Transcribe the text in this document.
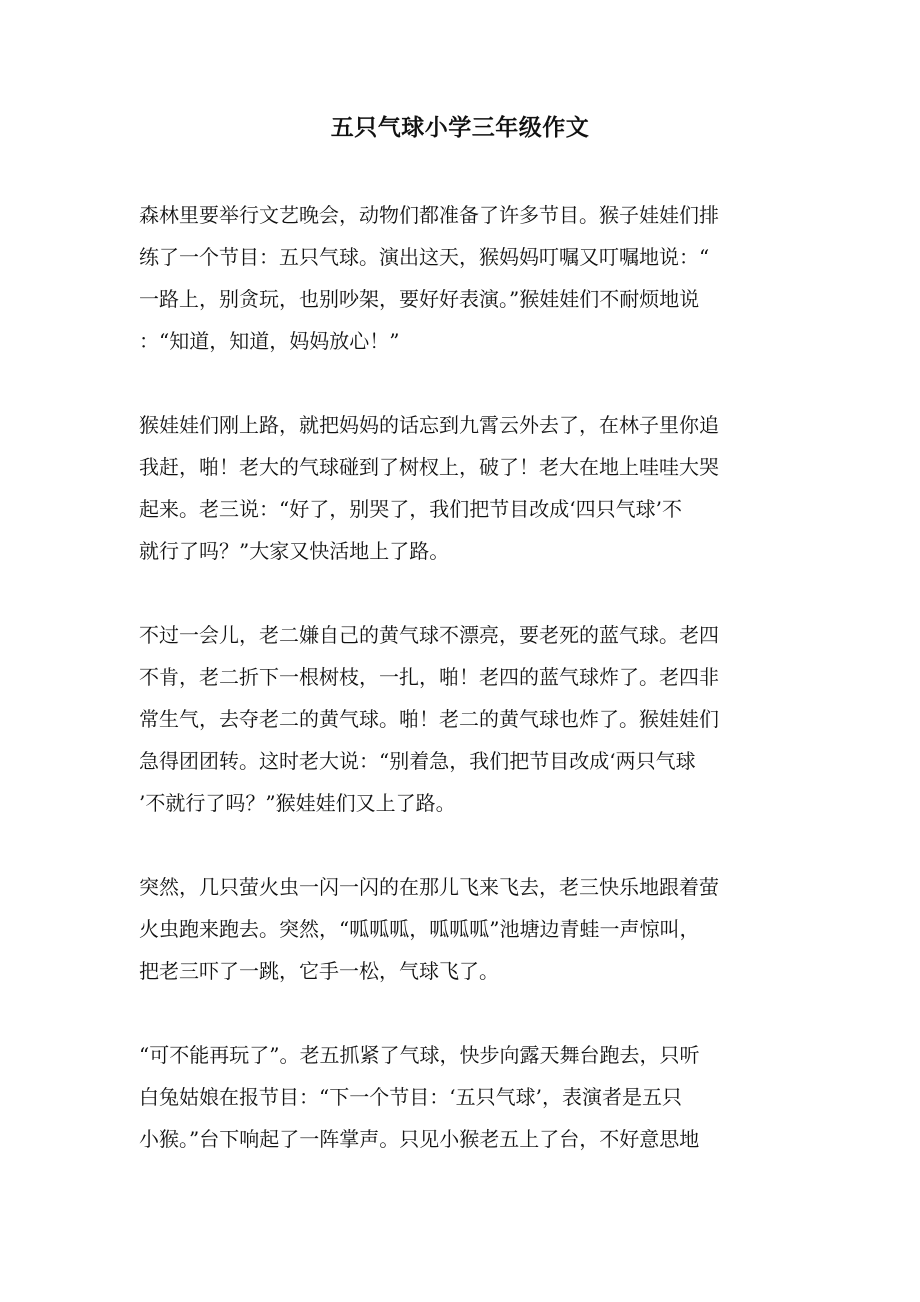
五只气球小学三年级作文
森林里要举行文艺晚会，动物们都准备了许多节目。猴子娃娃们排
练了一个节目：五只气球。演出这天，猴妈妈叮嘱又叮嘱地说：“
一路上，别贪玩，也别吵架，要好好表演。”猴娃娃们不耐烦地说
：“知道，知道，妈妈放心！”
猴娃娃们刚上路，就把妈妈的话忘到九霄云外去了，在林子里你追
我赶，啪！老大的气球碰到了树杈上，破了！老大在地上哇哇大哭
起来。老三说：“好了，别哭了，我们把节目改成‘四只气球’不
就行了吗？”大家又快活地上了路。
不过一会儿，老二嫌自己的黄气球不漂亮，要老死的蓝气球。老四
不肯，老二折下一根树枝，一扎，啪！老四的蓝气球炸了。老四非
常生气，去夺老二的黄气球。啪！老二的黄气球也炸了。猴娃娃们
急得团团转。这时老大说：“别着急，我们把节目改成‘两只气球
’不就行了吗？”猴娃娃们又上了路。
突然，几只萤火虫一闪一闪的在那儿飞来飞去，老三快乐地跟着萤
火虫跑来跑去。突然，“呱呱呱，呱呱呱”池塘边青蛙一声惊叫，
把老三吓了一跳，它手一松，气球飞了。
“可不能再玩了”。老五抓紧了气球，快步向露天舞台跑去，只听
白兔姑娘在报节目：“下一个节目：‘五只气球’，表演者是五只
小猴。”台下响起了一阵掌声。只见小猴老五上了台，不好意思地
